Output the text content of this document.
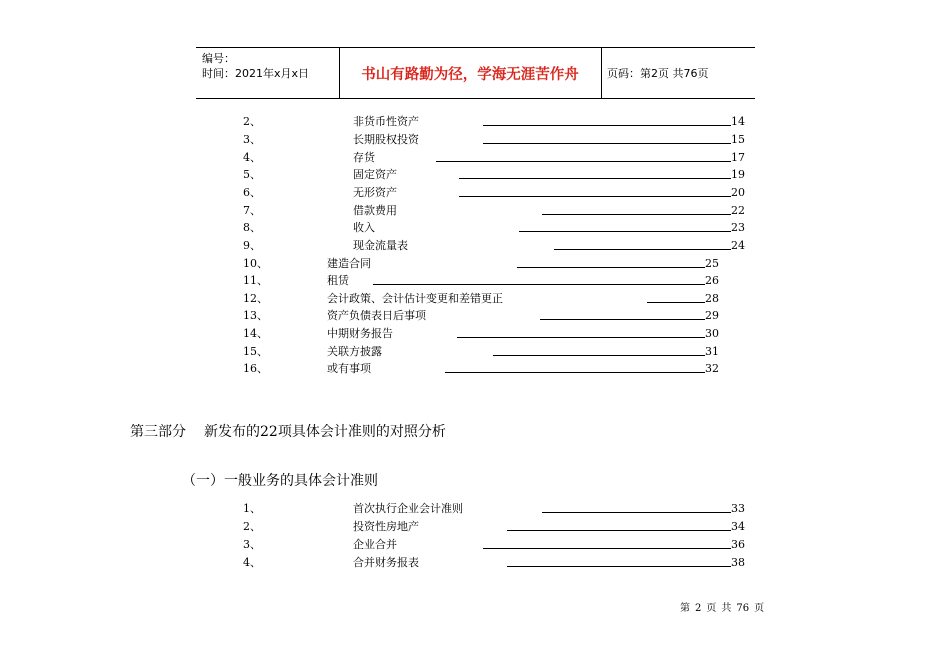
编号：
时间：2021年x月x日	书山有路勤为径，学海无涯苦作舟	页码：第2页 共76页
2、	非货币性资产	14
3、	长期股权投资	15
4、	存货	17
5、	固定资产	19
6、	无形资产	20
7、	借款费用	22
8、	收入	23
9、	现金流量表	24
10、	建造合同	25
11、	租赁	26
12、	会计政策、会计估计变更和差错更正	28
13、	资产负债表日后事项	29
14、	中期财务报告	30
15、	关联方披露	31
16、	或有事项	32
第三部分 新发布的22项具体会计准则的对照分析
（一）一般业务的具体会计准则
1、	首次执行企业会计准则	33
2、	投资性房地产	34
3、	企业合并	36
4、	合并财务报表	38
第 2 页 共 76 页
